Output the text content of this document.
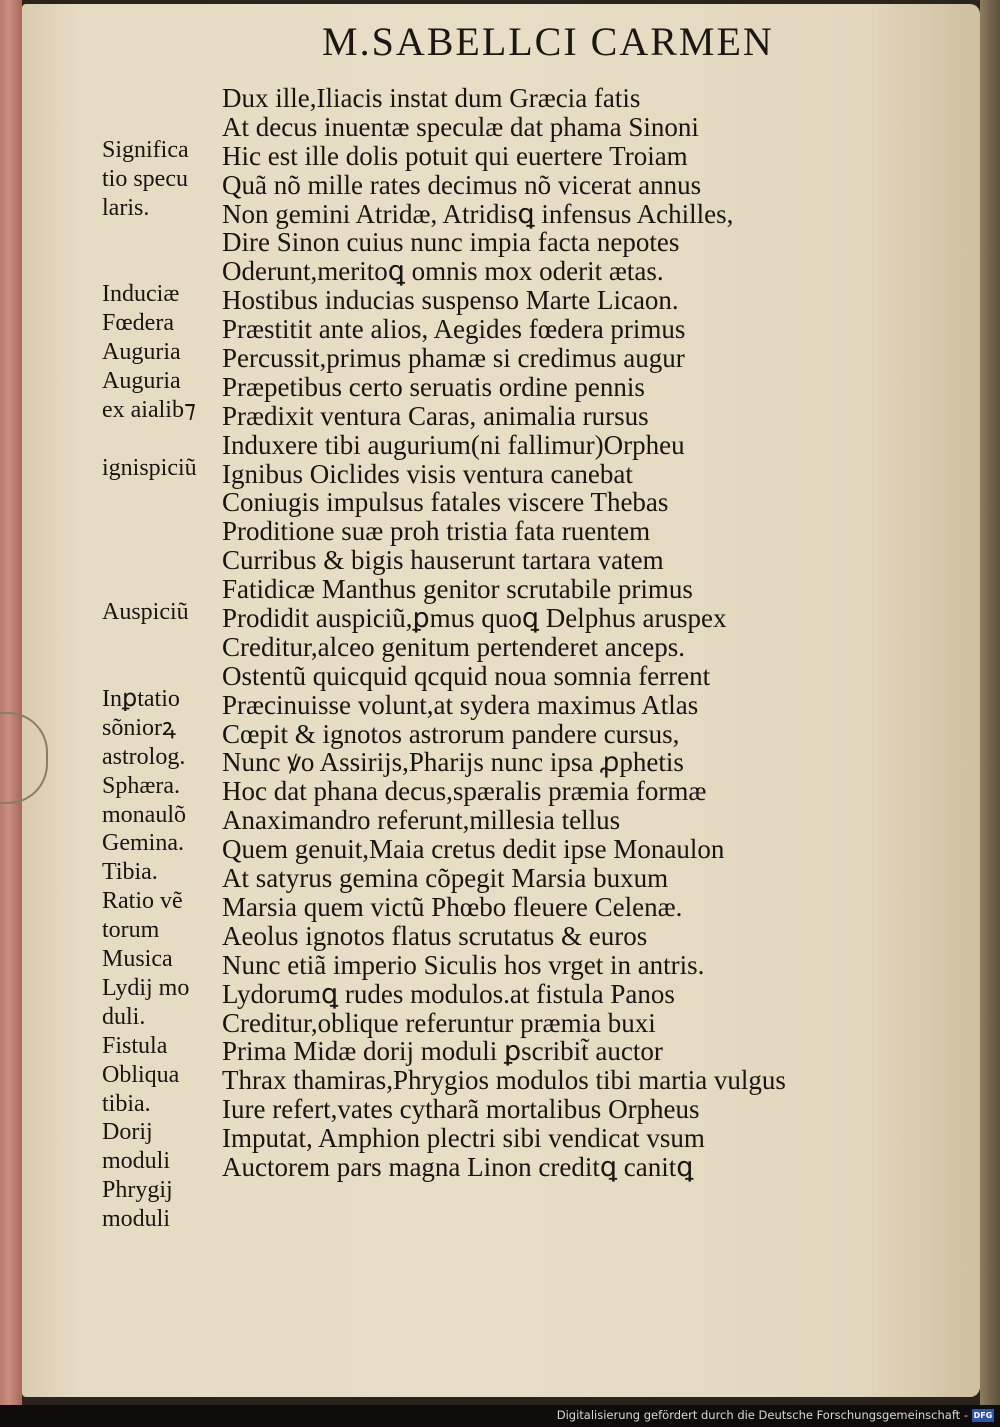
M.SABELLCI CARMEN
Significa
tio specu
laris.
Induciæ
Fœdera
Auguria
Auguria
ex aialib⁊
ignispiciũ
Auspiciũ
Inꝑtatio
sõniorꝝ
astrolog.
Sphæra.
monaulõ
Gemina.
Tibia.
Ratio vẽ
torum
Musica
Lydij mo
duli.
Fistula
Obliqua
tibia.
Dorij
moduli
Phrygij
moduli
Dux ille,Iliacis instat dum Græcia fatis
At decus inuentæ speculæ dat phama Sinoni
Hic est ille dolis potuit qui euertere Troiam
Quã nõ mille rates decimus nõ vicerat annus
Non gemini Atridæ, Atridisꝗ infensus Achilles,
Dire Sinon cuius nunc impia facta nepotes
Oderunt,meritoꝗ omnis mox oderit ætas.
Hostibus inducias suspenso Marte Licaon.
Præstitit ante alios, Aegides fœdera primus
Percussit,primus phamæ si credimus augur
Præpetibus certo seruatis ordine pennis
Prædixit ventura Caras, animalia rursus
Induxere tibi augurium(ni fallimur)Orpheu
Ignibus Oiclides visis ventura canebat
Coniugis impulsus fatales viscere Thebas
Proditione suæ proh tristia fata ruentem
Curribus & bigis hauserunt tartara vatem
Fatidicæ Manthus genitor scrutabile primus
Prodidit auspiciũ,ꝑmus quoꝗ Delphus aruspex
Creditur,alceo genitum pertenderet anceps.
Ostentũ quicquid qcquid noua somnia ferrent
Præcinuisse volunt,at sydera maximus Atlas
Cœpit & ignotos astrorum pandere cursus,
Nunc ꝟo Assirijs,Pharijs nunc ipsa ꝓphetis
Hoc dat phana decus,spæralis præmia formæ
Anaximandro referunt,millesia tellus
Quem genuit,Maia cretus dedit ipse Monaulon
At satyrus gemina cõpegit Marsia buxum
Marsia quem victũ Phœbo fleuere Celenæ.
Aeolus ignotos flatus scrutatus & euros
Nunc etiã imperio Siculis hos vrget in antris.
Lydorumꝗ rudes modulos.at fistula Panos
Creditur,oblique referuntur præmia buxi
Prima Midæ dorij moduli ꝑscribit̃ auctor
Thrax thamiras,Phrygios modulos tibi martia vulgus
Iure refert,vates cytharã mortalibus Orpheus
Imputat, Amphion plectri sibi vendicat vsum
Auctorem pars magna Linon creditꝗ canitꝗ
Digitalisierung gefördert durch die Deutsche Forschungsgemeinschaft - DFG
